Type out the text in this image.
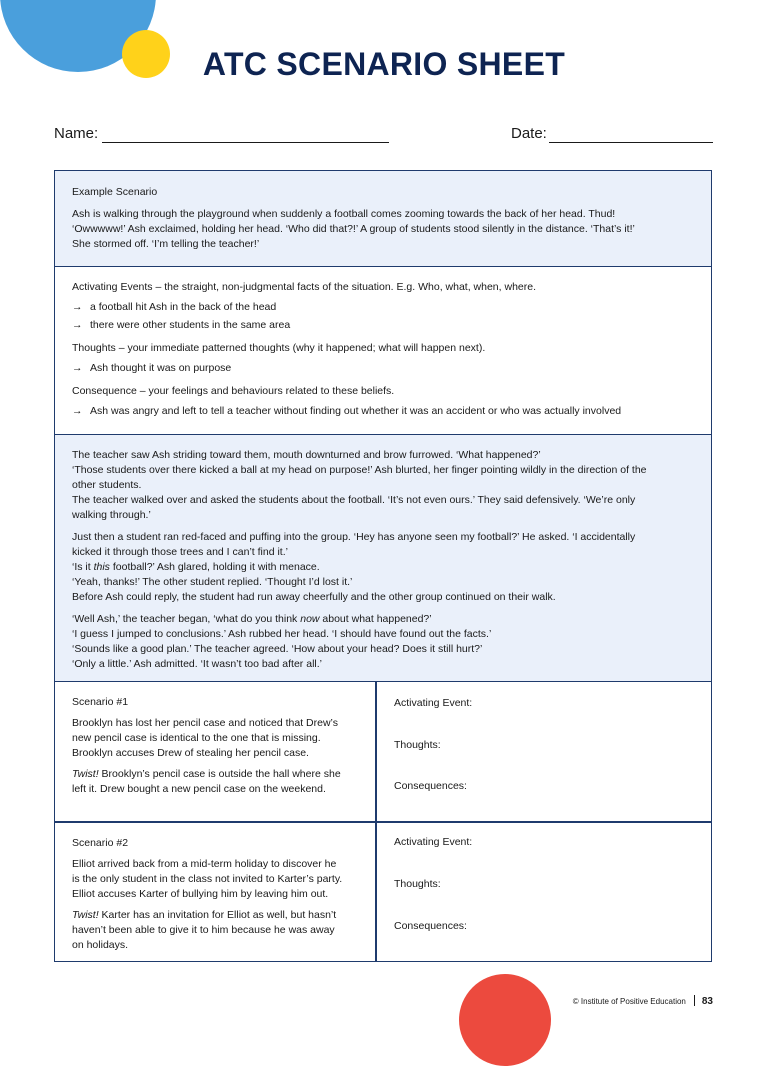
ATC SCENARIO SHEET
Name:	Date:

Example Scenario

Ash is walking through the playground when suddenly a football comes zooming towards the back of her head. Thud!

‘Owwwww!’ Ash exclaimed, holding her head. ‘Who did that?!’ A group of students stood silently in the distance. ‘That’s it!’

She stormed off. ‘I’m telling the teacher!’

Activating Events – the straight, non-judgmental facts of the situation. E.g. Who, what, when, where.

→ a football hit Ash in the back of the head

→ there were other students in the same area

Thoughts – your immediate patterned thoughts (why it happened; what will happen next).

→ Ash thought it was on purpose

Consequence – your feelings and behaviours related to these beliefs.

→ Ash was angry and left to tell a teacher without finding out whether it was an accident or who was actually involved

The teacher saw Ash striding toward them, mouth downturned and brow furrowed. ‘What happened?’

‘Those students over there kicked a ball at my head on purpose!’ Ash blurted, her finger pointing wildly in the direction of the

other students.

The teacher walked over and asked the students about the football. ‘It’s not even ours.’ They said defensively. ‘We’re only

walking through.’

Just then a student ran red-faced and puffing into the group. ‘Hey has anyone seen my football?’ He asked. ‘I accidentally

kicked it through those trees and I can’t find it.’

‘Is it this football?’ Ash glared, holding it with menace.

‘Yeah, thanks!’ The other student replied. ‘Thought I’d lost it.’

Before Ash could reply, the student had run away cheerfully and the other group continued on their walk.

‘Well Ash,’ the teacher began, ‘what do you think now about what happened?’

‘I guess I jumped to conclusions.’ Ash rubbed her head. ‘I should have found out the facts.’

‘Sounds like a good plan.’ The teacher agreed. ‘How about your head? Does it still hurt?’

‘Only a little.’ Ash admitted. ‘It wasn’t too bad after all.’

Scenario #1

Brooklyn has lost her pencil case and noticed that Drew’s

new pencil case is identical to the one that is missing.

Brooklyn accuses Drew of stealing her pencil case.

Twist! Brooklyn’s pencil case is outside the hall where she

left it. Drew bought a new pencil case on the weekend.

Activating Event:
Thoughts:
Consequences:

Scenario #2

Elliot arrived back from a mid-term holiday to discover he

is the only student in the class not invited to Karter’s party.

Elliot accuses Karter of bullying him by leaving him out.

Twist! Karter has an invitation for Elliot as well, but hasn’t

haven’t been able to give it to him because he was away

on holidays.

Activating Event:
Thoughts:
Consequences:
© Institute of Positive Education 83
